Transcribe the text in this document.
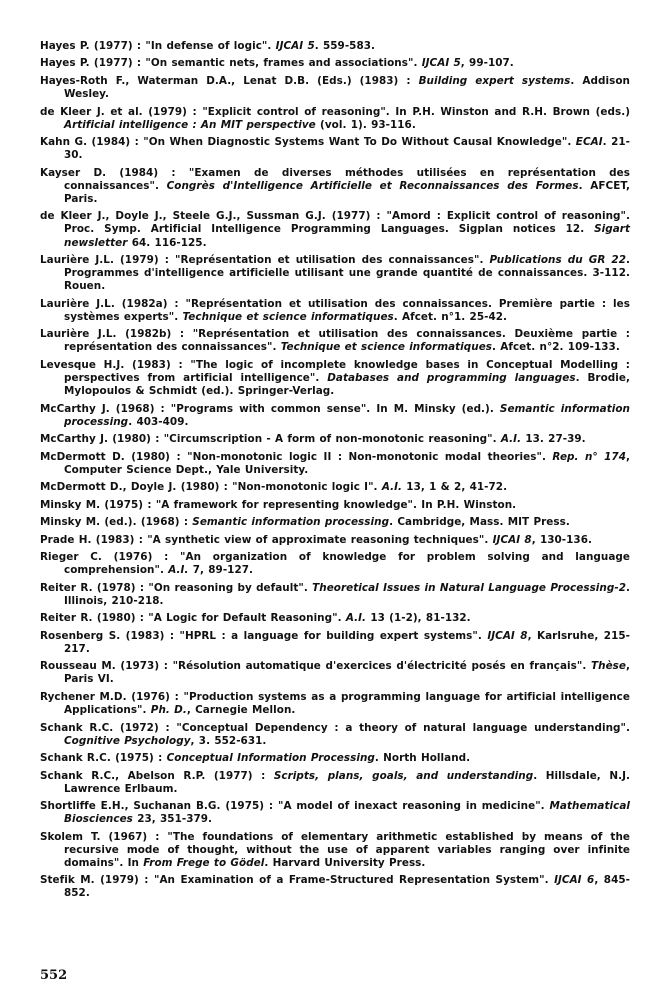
Hayes P. (1977) : "In defense of logic". IJCAI 5. 559-583.

Hayes P. (1977) : "On semantic nets, frames and associations". IJCAI 5, 99-107.

Hayes-Roth F., Waterman D.A., Lenat D.B. (Eds.) (1983) : Building expert systems. Addison Wesley.

de Kleer J. et al. (1979) : "Explicit control of reasoning". In P.H. Winston and R.H. Brown (eds.) Artificial intelligence : An MIT perspective (vol. 1). 93-116.

Kahn G. (1984) : "On When Diagnostic Systems Want To Do Without Causal Knowledge". ECAI. 21-30.

Kayser D. (1984) : "Examen de diverses méthodes utilisées en représentation des connaissances". Congrès d'Intelligence Artificielle et Reconnaissances des Formes. AFCET, Paris.

de Kleer J., Doyle J., Steele G.J., Sussman G.J. (1977) : "Amord : Explicit control of reasoning". Proc. Symp. Artificial Intelligence Programming Languages. Sigplan notices 12. Sigart newsletter 64. 116-125.

Laurière J.L. (1979) : "Représentation et utilisation des connaissances". Publications du GR 22. Programmes d'intelligence artificielle utilisant une grande quantité de connaissances. 3-112. Rouen.

Laurière J.L. (1982a) : "Représentation et utilisation des connaissances. Première partie : les systèmes experts". Technique et science informatiques. Afcet. n°1. 25-42.

Laurière J.L. (1982b) : "Représentation et utilisation des connaissances. Deuxième partie : représentation des connaissances". Technique et science informatiques. Afcet. n°2. 109-133.

Levesque H.J. (1983) : "The logic of incomplete knowledge bases in Conceptual Modelling : perspectives from artificial intelligence". Databases and programming languages. Brodie, Mylopoulos & Schmidt (ed.). Springer-Verlag.

McCarthy J. (1968) : "Programs with common sense". In M. Minsky (ed.). Semantic information processing. 403-409.

McCarthy J. (1980) : "Circumscription - A form of non-monotonic reasoning". A.I. 13. 27-39.

McDermott D. (1980) : "Non-monotonic logic II : Non-monotonic modal theories". Rep. n° 174, Computer Science Dept., Yale University.

McDermott D., Doyle J. (1980) : "Non-monotonic logic I". A.I. 13, 1 & 2, 41-72.

Minsky M. (1975) : "A framework for representing knowledge". In P.H. Winston.

Minsky M. (ed.). (1968) : Semantic information processing. Cambridge, Mass. MIT Press.

Prade H. (1983) : "A synthetic view of approximate reasoning techniques". IJCAI 8, 130-136.

Rieger C. (1976) : "An organization of knowledge for problem solving and language comprehension". A.I. 7, 89-127.

Reiter R. (1978) : "On reasoning by default". Theoretical Issues in Natural Language Processing-2. Illinois, 210-218.

Reiter R. (1980) : "A Logic for Default Reasoning". A.I. 13 (1-2), 81-132.

Rosenberg S. (1983) : "HPRL : a language for building expert systems". IJCAI 8, Karlsruhe, 215-217.

Rousseau M. (1973) : "Résolution automatique d'exercices d'électricité posés en français". Thèse, Paris VI.

Rychener M.D. (1976) : "Production systems as a programming language for artificial intelligence Applications". Ph. D., Carnegie Mellon.

Schank R.C. (1972) : "Conceptual Dependency : a theory of natural language understanding". Cognitive Psychology, 3. 552-631.

Schank R.C. (1975) : Conceptual Information Processing. North Holland.

Schank R.C., Abelson R.P. (1977) : Scripts, plans, goals, and understanding. Hillsdale, N.J. Lawrence Erlbaum.

Shortliffe E.H., Suchanan B.G. (1975) : "A model of inexact reasoning in medicine". Mathematical Biosciences 23, 351-379.

Skolem T. (1967) : "The foundations of elementary arithmetic established by means of the recursive mode of thought, without the use of apparent variables ranging over infinite domains". In From Frege to Gödel. Harvard University Press.

Stefik M. (1979) : "An Examination of a Frame-Structured Representation System". IJCAI 6, 845-852.

552
